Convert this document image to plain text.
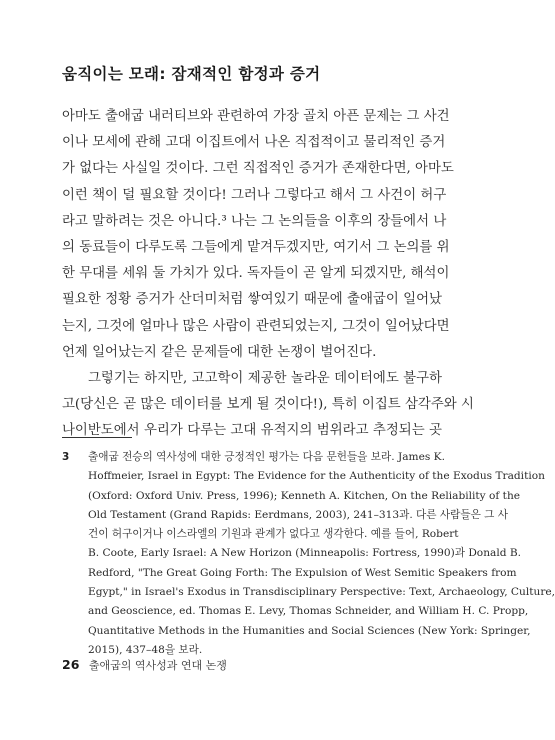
움직이는 모래: 잠재적인 함정과 증거
아마도 출애굽 내러티브와 관련하여 가장 골치 아픈 문제는 그 사건
이나 모세에 관해 고대 이집트에서 나온 직접적이고 물리적인 증거
가 없다는 사실일 것이다. 그런 직접적인 증거가 존재한다면, 아마도
이런 책이 덜 필요할 것이다! 그러나 그렇다고 해서 그 사건이 허구
라고 말하려는 것은 아니다.³ 나는 그 논의들을 이후의 장들에서 나
의 동료들이 다루도록 그들에게 맡겨두겠지만, 여기서 그 논의를 위
한 무대를 세워 둘 가치가 있다. 독자들이 곧 알게 되겠지만, 해석이
필요한 정황 증거가 산더미처럼 쌓여있기 때문에 출애굽이 일어났
는지, 그것에 얼마나 많은 사람이 관련되었는지, 그것이 일어났다면
언제 일어났는지 같은 문제들에 대한 논쟁이 벌어진다.
그렇기는 하지만, 고고학이 제공한 놀라운 데이터에도 불구하
고(당신은 곧 많은 데이터를 보게 될 것이다!), 특히 이집트 삼각주와 시
나이반도에서 우리가 다루는 고대 유적지의 범위라고 추정되는 곳
3 출애굽 전승의 역사성에 대한 긍정적인 평가는 다음 문헌들을 보라. James K.
Hoffmeier, Israel in Egypt: The Evidence for the Authenticity of the Exodus Tradition
(Oxford: Oxford Univ. Press, 1996); Kenneth A. Kitchen, On the Reliability of the
Old Testament (Grand Rapids: Eerdmans, 2003), 241–313과. 다른 사람들은 그 사
건이 허구이거나 이스라엘의 기원과 관계가 없다고 생각한다. 예를 들어, Robert
B. Coote, Early Israel: A New Horizon (Minneapolis: Fortress, 1990)과 Donald B.
Redford, "The Great Going Forth: The Expulsion of West Semitic Speakers from
Egypt," in Israel's Exodus in Transdisciplinary Perspective: Text, Archaeology, Culture,
and Geoscience, ed. Thomas E. Levy, Thomas Schneider, and William H. C. Propp,
Quantitative Methods in the Humanities and Social Sciences (New York: Springer,
2015), 437–48을 보라.
26 출애굽의 역사성과 연대 논쟁
